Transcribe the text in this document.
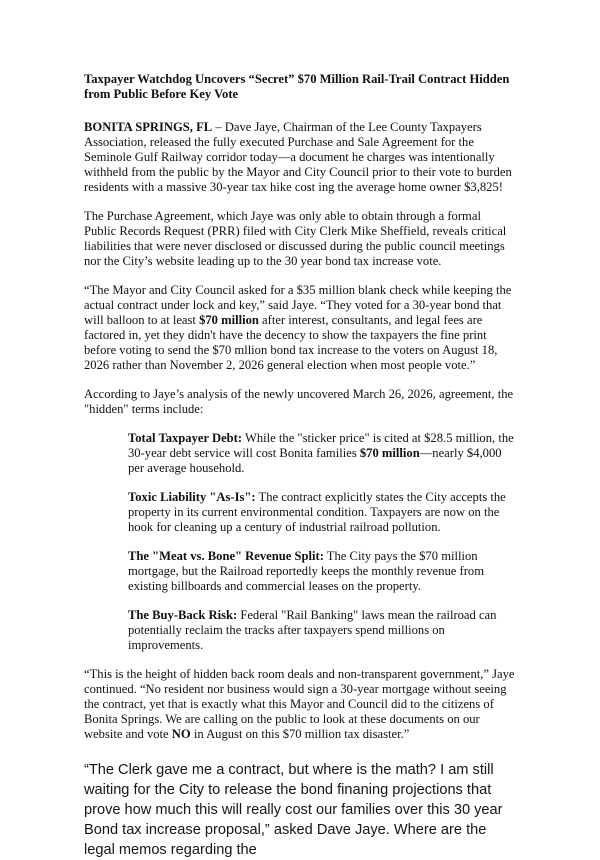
Taxpayer Watchdog Uncovers “Secret” $70 Million Rail-Trail Contract Hidden from Public Before Key Vote
BONITA SPRINGS, FL – Dave Jaye, Chairman of the Lee County Taxpayers Association, released the fully executed Purchase and Sale Agreement for the Seminole Gulf Railway corridor today—a document he charges was intentionally withheld from the public by the Mayor and City Council prior to their vote to burden residents with a massive 30-year tax hike cost ing the average home owner $3,825!
The Purchase Agreement, which Jaye was only able to obtain through a formal Public Records Request (PRR) filed with City Clerk Mike Sheffield, reveals critical liabilities that were never disclosed or discussed during the public council meetings nor the City’s website leading up to the 30 year bond tax increase vote.
“The Mayor and City Council asked for a $35 million blank check while keeping the actual contract under lock and key,” said Jaye. “They voted for a 30-year bond that will balloon to at least $70 million after interest, consultants, and legal fees are factored in, yet they didn't have the decency to show the taxpayers the fine print before voting to send the $70 mllion bond tax increase to the voters on August 18, 2026 rather than November 2, 2026 general election when most people vote.”
According to Jaye’s analysis of the newly uncovered March 26, 2026, agreement, the "hidden" terms include:
Total Taxpayer Debt: While the "sticker price" is cited at $28.5 million, the 30-year debt service will cost Bonita families $70 million—nearly $4,000 per average household.
Toxic Liability "As-Is": The contract explicitly states the City accepts the property in its current environmental condition. Taxpayers are now on the hook for cleaning up a century of industrial railroad pollution.
The "Meat vs. Bone" Revenue Split: The City pays the $70 million mortgage, but the Railroad reportedly keeps the monthly revenue from existing billboards and commercial leases on the property.
The Buy-Back Risk: Federal "Rail Banking" laws mean the railroad can potentially reclaim the tracks after taxpayers spend millions on improvements.
“This is the height of hidden back room deals and non-transparent government,” Jaye continued. “No resident nor business would sign a 30-year mortgage without seeing the contract, yet that is exactly what this Mayor and Council did to the citizens of Bonita Springs. We are calling on the public to look at these documents on our website and vote NO in August on this $70 million tax disaster.”
“The Clerk gave me a contract, but where is the math? I am still waiting for the City to release the bond finaning projections that prove how much this will really cost our families over this 30 year Bond tax increase proposal,” asked Dave Jaye. Where are the legal memos regarding the
